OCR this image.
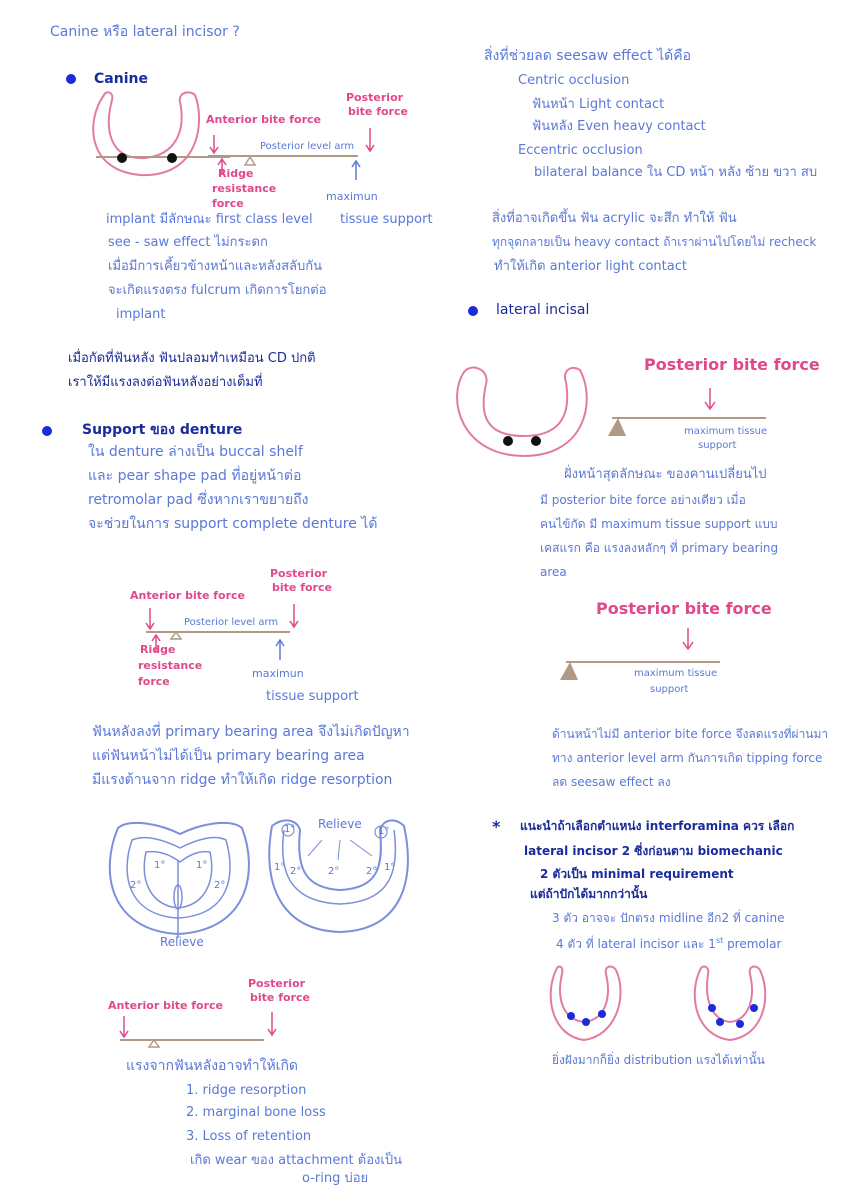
Canine หรือ lateral incisor ?
Canine
Anterior bite force
Posterior
bite force
Posterior level arm
Ridge
resistance
force
maximun
implant มีลักษณะ first class level tissue support
see - saw effect ไม่กระดก
เมื่อมีการเคี้ยวข้างหน้าและหลังสลับกัน
จะเกิดแรงตรง fulcrum เกิดการโยกต่อ
implant
เมื่อกัดที่ฟันหลัง ฟันปลอมทำเหมือน CD ปกติ
เราให้มีแรงลงต่อฟันหลังอย่างเต็มที่
Support ของ denture
ใน denture ล่างเป็น buccal shelf
และ pear shape pad ที่อยู่หน้าต่อ
retromolar pad ซึ่งหากเราขยายถึง
จะช่วยในการ support complete denture ได้
Anterior bite force
Posterior
bite force
Posterior level arm
Ridge
resistance
force
maximun
tissue support
ฟันหลังลงที่ primary bearing area จึงไม่เกิดปัญหา
แต่ฟันหน้าไม่ได้เป็น primary bearing area
มีแรงต้านจาก ridge ทำให้เกิด ridge resorption
1°	1°
2°	2°
Relieve
Relieve
1°	1°
1° 2°	2°	2° 1°
Anterior bite force
Posterior
bite force
แรงจากฟันหลังอาจทำให้เกิด
1. ridge resorption
2. marginal bone loss
3. Loss of retention
เกิด wear ของ attachment ต้องเป็น
o-ring บ่อย
สิ่งที่ช่วยลด seesaw effect ได้คือ
Centric occlusion
ฟันหน้า Light contact
ฟันหลัง Even heavy contact
Eccentric occlusion
bilateral balance ใน CD หน้า หลัง ซ้าย ขวา สบ
สิ่งที่อาจเกิดขึ้น ฟัน acrylic จะสึก ทำให้ ฟัน
ทุกจุดกลายเป็น heavy contact ถ้าเราผ่านไปโดยไม่ recheck
ทำให้เกิด anterior light contact
lateral incisal
Posterior bite force
maximum tissue
support
ฝั่งหน้าสุดลักษณะ ของคานเปลี่ยนไป
มี posterior bite force อย่างเดียว เมื่อ
คนไข้กัด มี maximum tissue support แบบ
เคสแรก คือ แรงลงหลักๆ ที่ primary bearing
area
Posterior bite force
maximum tissue
support
ด้านหน้าไม่มี anterior bite force จึงลดแรงที่ผ่านมา
ทาง anterior level arm กันการเกิด tipping force
ลด seesaw effect ลง
* แนะนำถ้าเลือกตำแหน่ง interforamina ควร เลือก
lateral incisor 2 ซี่งก่อนตาม biomechanic
2 ตัวเป็น minimal requirement
แต่ถ้าปักได้มากกว่านั้น
3 ตัว อาจจะ ปักตรง midline อีก2 ที่ canine
4 ตัว ที่ lateral incisor และ 1st premolar
ยิ่งฝังมากก็ยิ่ง distribution แรงได้เท่านั้น
